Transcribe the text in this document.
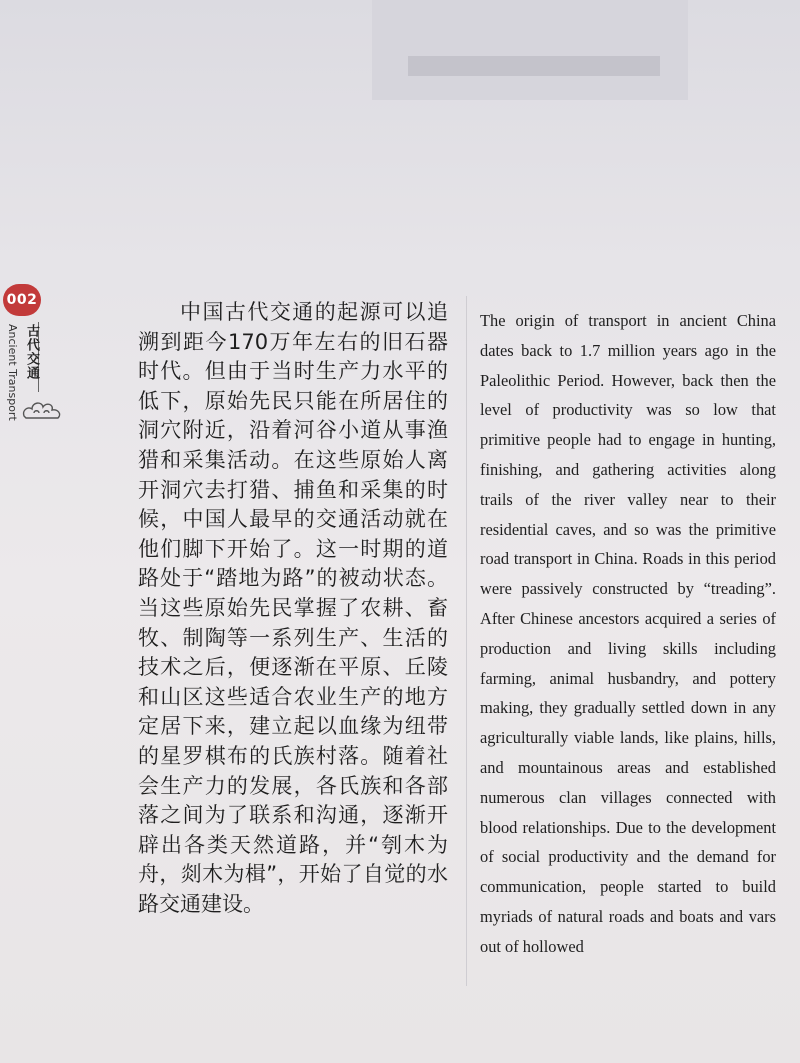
002
古代交通
Ancient Transport

中国古代交通的起源可以追溯到距今170万年左右的旧石器时代。但由于当时生产力水平的低下，原始先民只能在所居住的洞穴附近，沿着河谷小道从事渔猎和采集活动。在这些原始人离开洞穴去打猎、捕鱼和采集的时候，中国人最早的交通活动就在他们脚下开始了。这一时期的道路处于“踏地为路”的被动状态。当这些原始先民掌握了农耕、畜牧、制陶等一系列生产、生活的技术之后，便逐渐在平原、丘陵和山区这些适合农业生产的地方定居下来，建立起以血缘为纽带的星罗棋布的氏族村落。随着社会生产力的发展，各氏族和各部落之间为了联系和沟通，逐渐开辟出各类天然道路，并“刳木为舟，剡木为楫”，开始了自觉的水路交通建设。

The origin of transport in ancient China dates back to 1.7 million years ago in the Paleolithic Period. However, back then the level of productivity was so low that primitive people had to engage in hunting, finishing, and gathering activities along trails of the river valley near to their residential caves, and so was the primitive road transport in China. Roads in this period were passively constructed by “treading”. After Chinese ancestors acquired a series of production and living skills including farming, animal husbandry, and pottery making, they gradually settled down in any agriculturally viable lands, like plains, hills, and mountainous areas and established numerous clan villages connected with blood relationships. Due to the development of social productivity and the demand for communication, people started to build myriads of natural roads and boats and vars out of hollowed
